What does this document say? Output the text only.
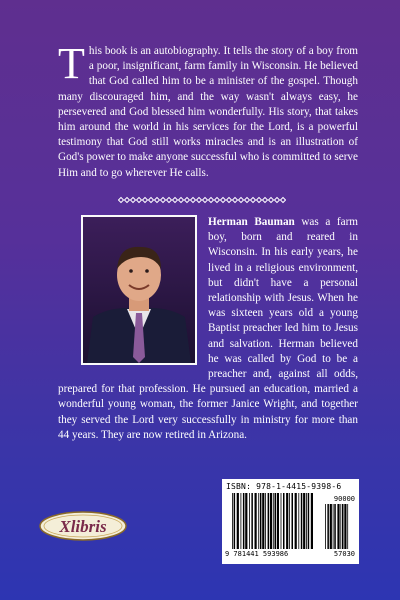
This book is an autobiography. It tells the story of a boy from a poor, insignificant, farm family in Wisconsin. He believed that God called him to be a minister of the gospel. Though many discouraged him, and the way wasn't always easy, he persevered and God blessed him wonderfully. His story, that takes him around the world in his services for the Lord, is a powerful testimony that God still works miracles and is an illustration of God's power to make anyone successful who is committed to serve Him and to go wherever He calls.
Herman Bauman was a farm boy, born and reared in Wisconsin. In his early years, he lived in a religious environment, but didn't have a personal relationship with Jesus. When he was sixteen years old a young Baptist preacher led him to Jesus and salvation. Herman believed he was called by God to be a preacher and, against all odds, prepared for that profession. He pursued an education, married a wonderful young woman, the former Janice Wright, and together they served the Lord very successfully in ministry for more than 44 years. They are now retired in Arizona.
ISBN: 978-1-4415-9398-6
90000
9 781441 593986	57030
Xlibris
